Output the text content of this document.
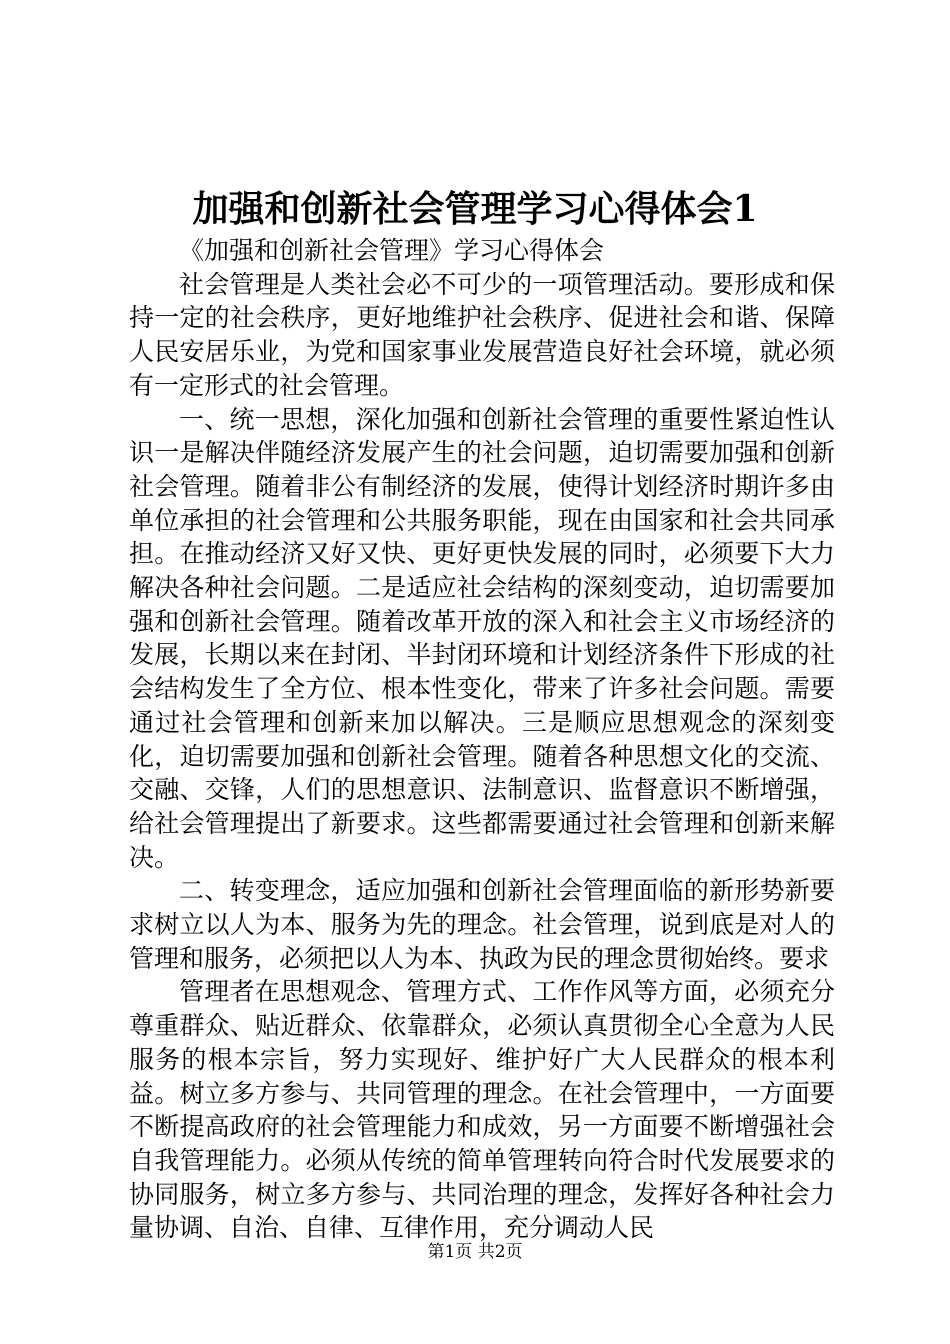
加强和创新社会管理学习心得体会1

《加强和创新社会管理》学习心得体会

社会管理是人类社会必不可少的一项管理活动。要形成和保持一定的社会秩序，更好地维护社会秩序、促进社会和谐、保障人民安居乐业，为党和国家事业发展营造良好社会环境，就必须有一定形式的社会管理。

一、统一思想，深化加强和创新社会管理的重要性紧迫性认识一是解决伴随经济发展产生的社会问题，迫切需要加强和创新社会管理。随着非公有制经济的发展，使得计划经济时期许多由单位承担的社会管理和公共服务职能，现在由国家和社会共同承担。在推动经济又好又快、更好更快发展的同时，必须要下大力解决各种社会问题。二是适应社会结构的深刻变动，迫切需要加强和创新社会管理。随着改革开放的深入和社会主义市场经济的发展，长期以来在封闭、半封闭环境和计划经济条件下形成的社会结构发生了全方位、根本性变化，带来了许多社会问题。需要通过社会管理和创新来加以解决。三是顺应思想观念的深刻变化，迫切需要加强和创新社会管理。随着各种思想文化的交流、交融、交锋，人们的思想意识、法制意识、监督意识不断增强，给社会管理提出了新要求。这些都需要通过社会管理和创新来解决。

二、转变理念，适应加强和创新社会管理面临的新形势新要求树立以人为本、服务为先的理念。社会管理，说到底是对人的管理和服务，必须把以人为本、执政为民的理念贯彻始终。要求

管理者在思想观念、管理方式、工作作风等方面，必须充分尊重群众、贴近群众、依靠群众，必须认真贯彻全心全意为人民服务的根本宗旨，努力实现好、维护好广大人民群众的根本利益。树立多方参与、共同管理的理念。在社会管理中，一方面要不断提高政府的社会管理能力和成效，另一方面要不断增强社会自我管理能力。必须从传统的简单管理转向符合时代发展要求的协同服务，树立多方参与、共同治理的理念，发挥好各种社会力量协调、自治、自律、互律作用，充分调动人民

第1页 共2页
